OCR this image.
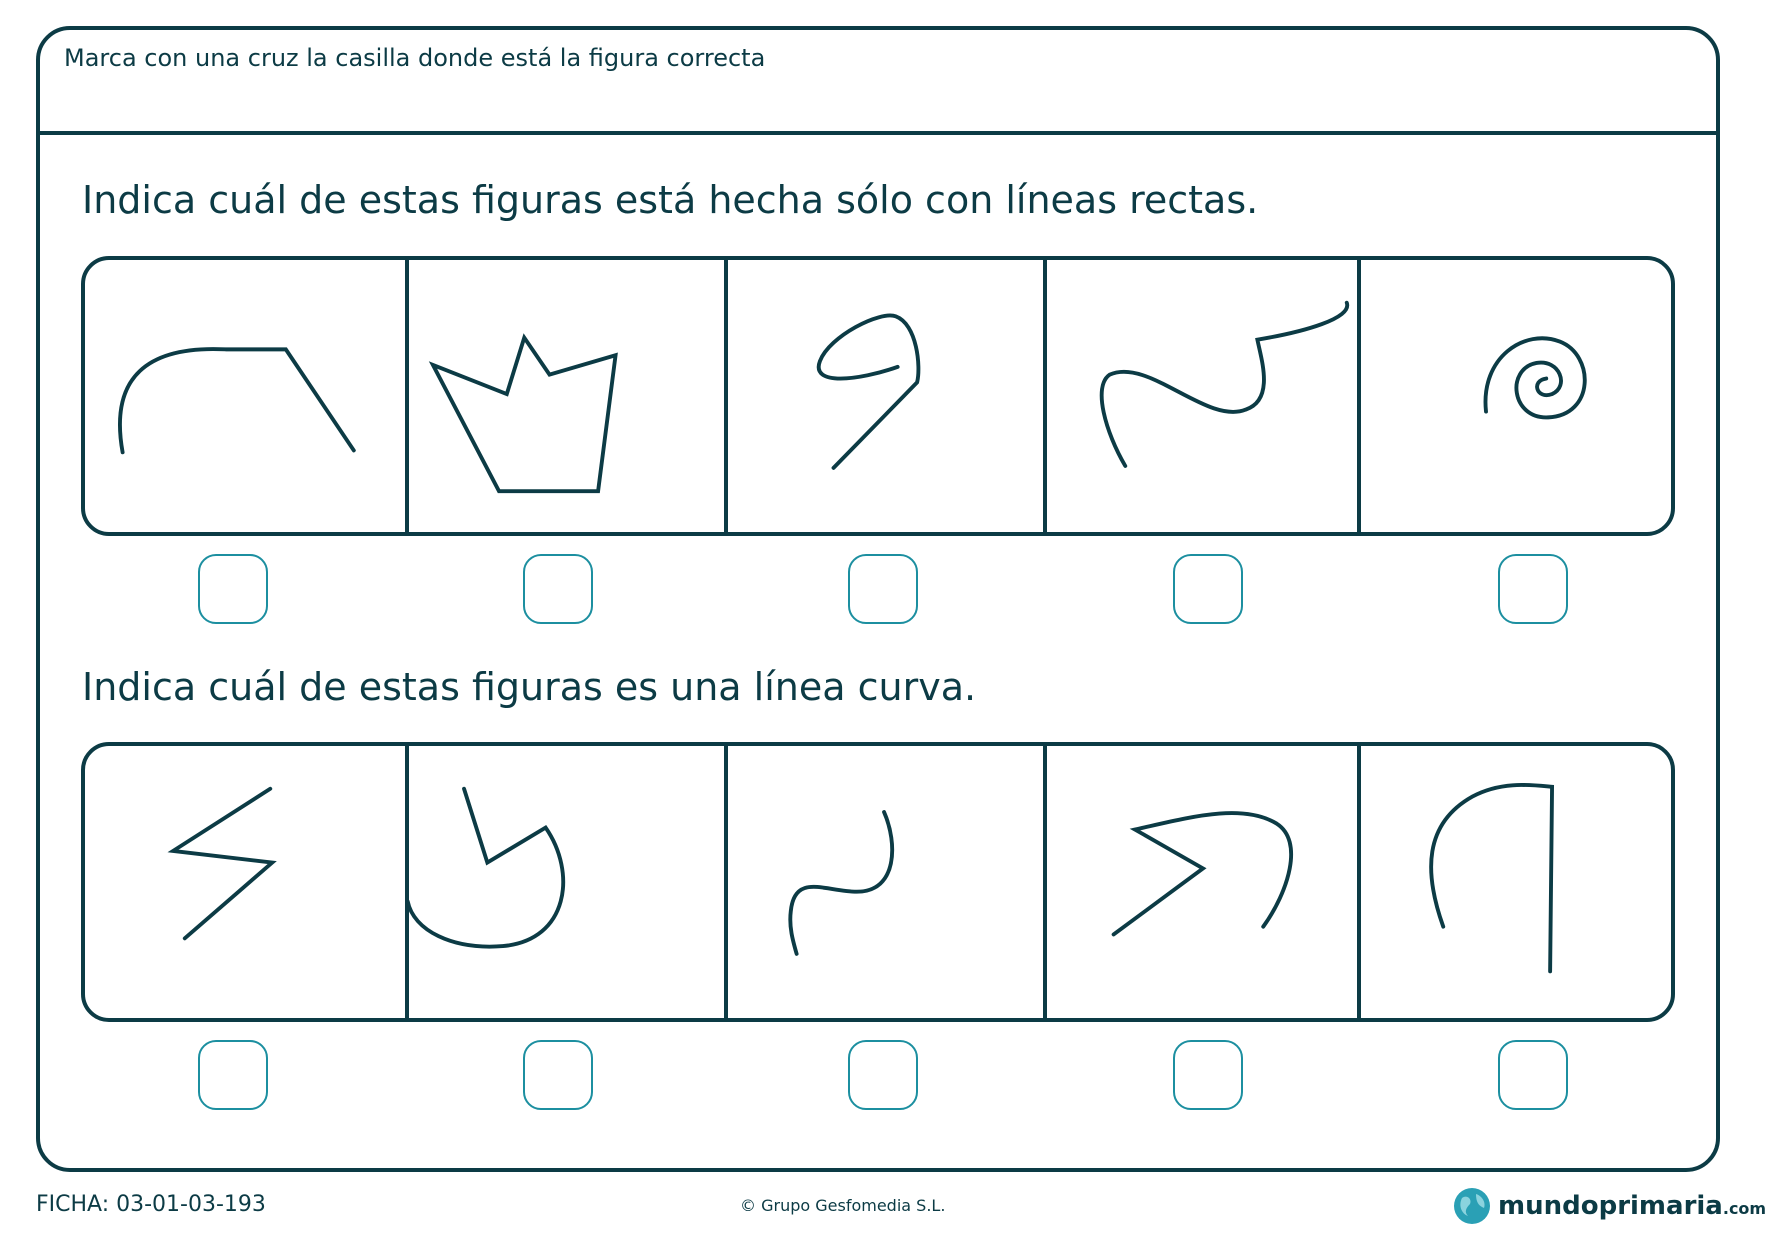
Marca con una cruz la casilla donde está la figura correcta
Indica cuál de estas figuras está hecha sólo con líneas rectas.
Indica cuál de estas figuras es una línea curva.
FICHA: 03-01-03-193	© Grupo Gesfomedia S.L.	mundoprimaria.com
